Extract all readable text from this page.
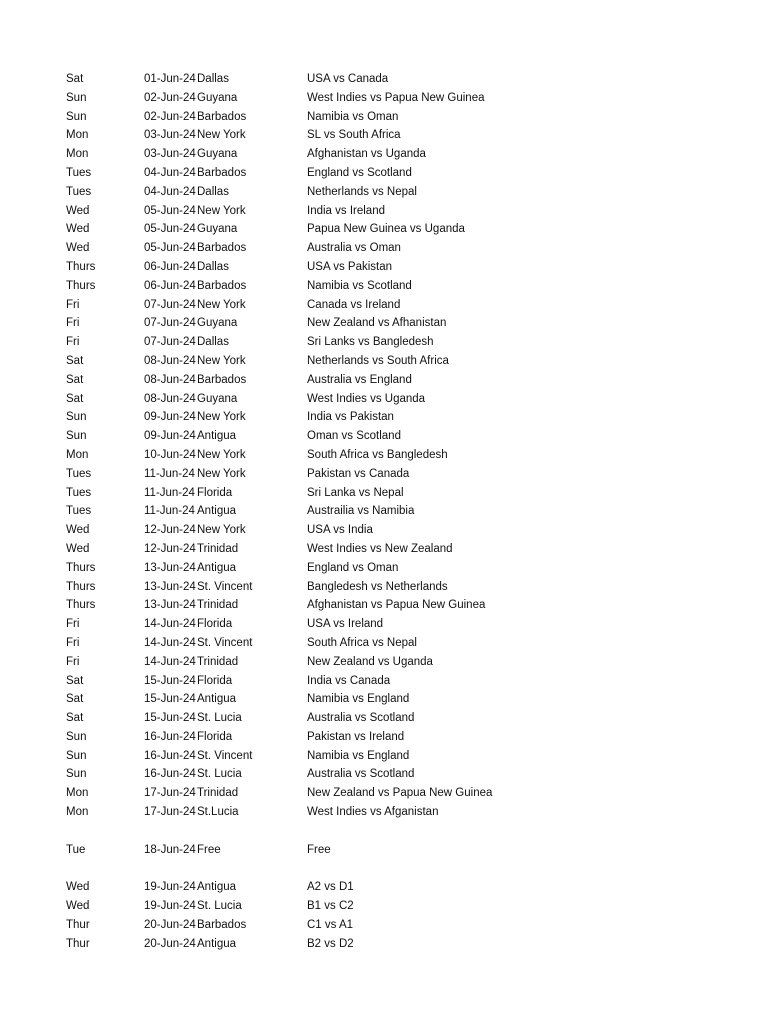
Sat	01-Jun-24 Dallas	USA vs Canada
Sun	02-Jun-24 Guyana	West Indies vs Papua New Guinea
Sun	02-Jun-24 Barbados	Namibia vs Oman
Mon	03-Jun-24 New York	SL vs South Africa
Mon	03-Jun-24 Guyana	Afghanistan vs Uganda
Tues	04-Jun-24 Barbados	England vs Scotland
Tues	04-Jun-24 Dallas	Netherlands vs Nepal
Wed	05-Jun-24 New York	India vs Ireland
Wed	05-Jun-24 Guyana	Papua New Guinea vs Uganda
Wed	05-Jun-24 Barbados	Australia vs Oman
Thurs	06-Jun-24 Dallas	USA vs Pakistan
Thurs	06-Jun-24 Barbados	Namibia vs Scotland
Fri	07-Jun-24 New York	Canada vs Ireland
Fri	07-Jun-24 Guyana	New Zealand vs Afhanistan
Fri	07-Jun-24 Dallas	Sri Lanks vs Bangledesh
Sat	08-Jun-24 New York	Netherlands vs South Africa
Sat	08-Jun-24 Barbados	Australia vs England
Sat	08-Jun-24 Guyana	West Indies vs Uganda
Sun	09-Jun-24 New York	India vs Pakistan
Sun	09-Jun-24 Antigua	Oman vs Scotland
Mon	10-Jun-24 New York	South Africa vs Bangledesh
Tues	11-Jun-24 New York	Pakistan vs Canada
Tues	11-Jun-24 Florida	Sri Lanka vs Nepal
Tues	11-Jun-24 Antigua	Austrailia vs Namibia
Wed	12-Jun-24 New York	USA vs India
Wed	12-Jun-24 Trinidad	West Indies vs New Zealand
Thurs	13-Jun-24 Antigua	England vs Oman
Thurs	13-Jun-24 St. Vincent	Bangledesh vs Netherlands
Thurs	13-Jun-24 Trinidad	Afghanistan vs Papua New Guinea
Fri	14-Jun-24 Florida	USA vs Ireland
Fri	14-Jun-24 St. Vincent	South Africa vs Nepal
Fri	14-Jun-24 Trinidad	New Zealand vs Uganda
Sat	15-Jun-24 Florida	India vs Canada
Sat	15-Jun-24 Antigua	Namibia vs England
Sat	15-Jun-24 St. Lucia	Australia vs Scotland
Sun	16-Jun-24 Florida	Pakistan vs Ireland
Sun	16-Jun-24 St. Vincent	Namibia vs England
Sun	16-Jun-24 St. Lucia	Australia vs Scotland
Mon	17-Jun-24 Trinidad	New Zealand vs Papua New Guinea
Mon	17-Jun-24 St.Lucia	West Indies vs Afganistan
Tue	18-Jun-24 Free	Free
Wed	19-Jun-24 Antigua	A2 vs D1
Wed	19-Jun-24 St. Lucia	B1 vs C2
Thur	20-Jun-24 Barbados	C1 vs A1
Thur	20-Jun-24 Antigua	B2 vs D2
